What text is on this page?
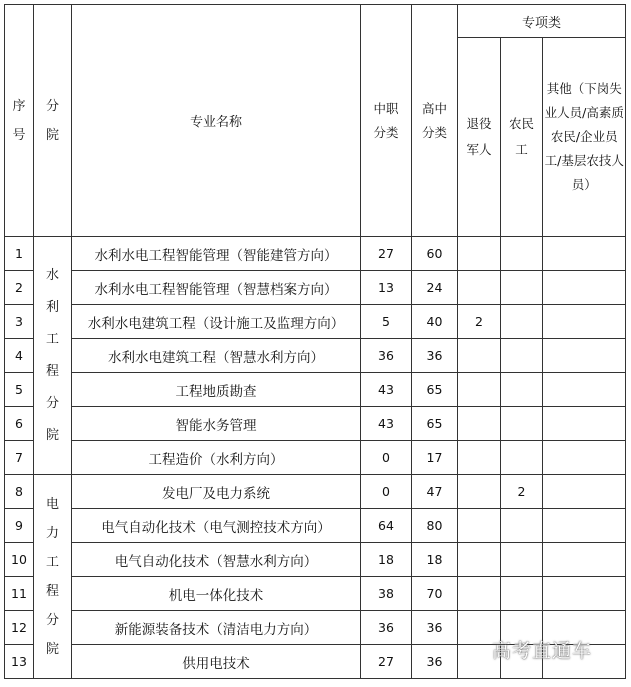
序号	分院	专业名称	中职分类	高中分类	专项类		
					退役军人	农民工	其他（下岗失业人员/高素质农民/企业员工/基层农技人员）
1	水利工程分院	水利水电工程智能管理（智能建管方向）	27	60			
2		水利水电工程智能管理（智慧档案方向）	13	24			
3		水利水电建筑工程（设计施工及监理方向）	5	40	2		
4		水利水电建筑工程（智慧水利方向）	36	36			
5		工程地质勘查	43	65			
6		智能水务管理	43	65			
7		工程造价（水利方向）	0	17			
8	电力工程分院	发电厂及电力系统	0	47		2	
9		电气自动化技术（电气测控技术方向）	64	80			
10		电气自动化技术（智慧水利方向）	18	18			
11		机电一体化技术	38	70			
12		新能源装备技术（清洁电力方向）	36	36			
13		供用电技术	27	36				高考直通车
